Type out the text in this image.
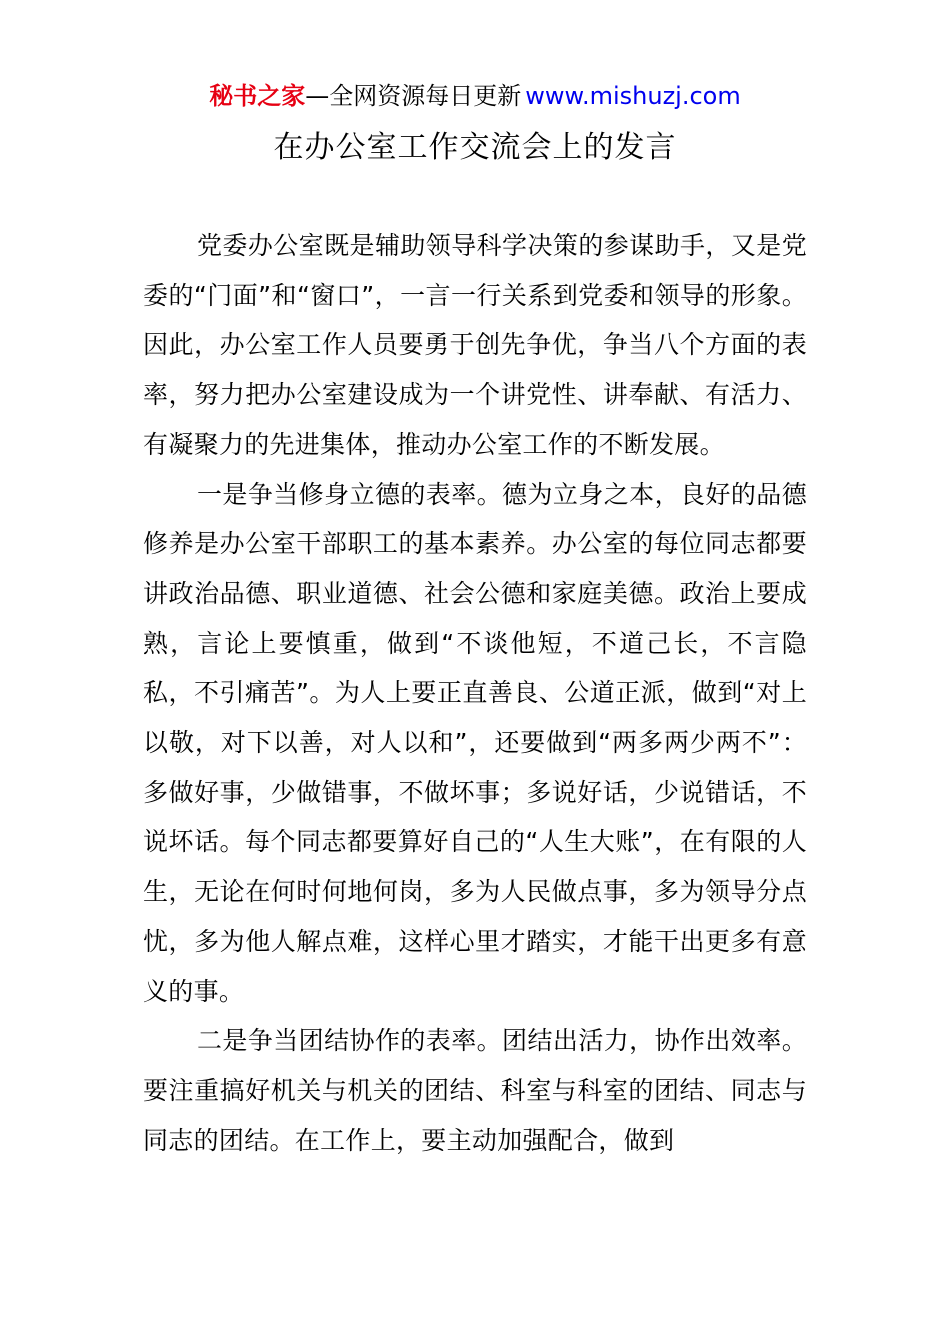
秘书之家—全网资源每日更新 www.mishuzj.com
在办公室工作交流会上的发言

党委办公室既是辅助领导科学决策的参谋助手，又是党委的“门面”和“窗口”，一言一行关系到党委和领导的形象。因此，办公室工作人员要勇于创先争优，争当八个方面的表率，努力把办公室建设成为一个讲党性、讲奉献、有活力、有凝聚力的先进集体，推动办公室工作的不断发展。

一是争当修身立德的表率。德为立身之本，良好的品德修养是办公室干部职工的基本素养。办公室的每位同志都要讲政治品德、职业道德、社会公德和家庭美德。政治上要成熟，言论上要慎重，做到“不谈他短，不道己长，不言隐私，不引痛苦”。为人上要正直善良、公道正派，做到“对上以敬，对下以善，对人以和”，还要做到“两多两少两不”：多做好事，少做错事，不做坏事；多说好话，少说错话，不说坏话。每个同志都要算好自己的“人生大账”，在有限的人生，无论在何时何地何岗，多为人民做点事，多为领导分点忧，多为他人解点难，这样心里才踏实，才能干出更多有意义的事。

二是争当团结协作的表率。团结出活力，协作出效率。要注重搞好机关与机关的团结、科室与科室的团结、同志与同志的团结。在工作上，要主动加强配合，做到
